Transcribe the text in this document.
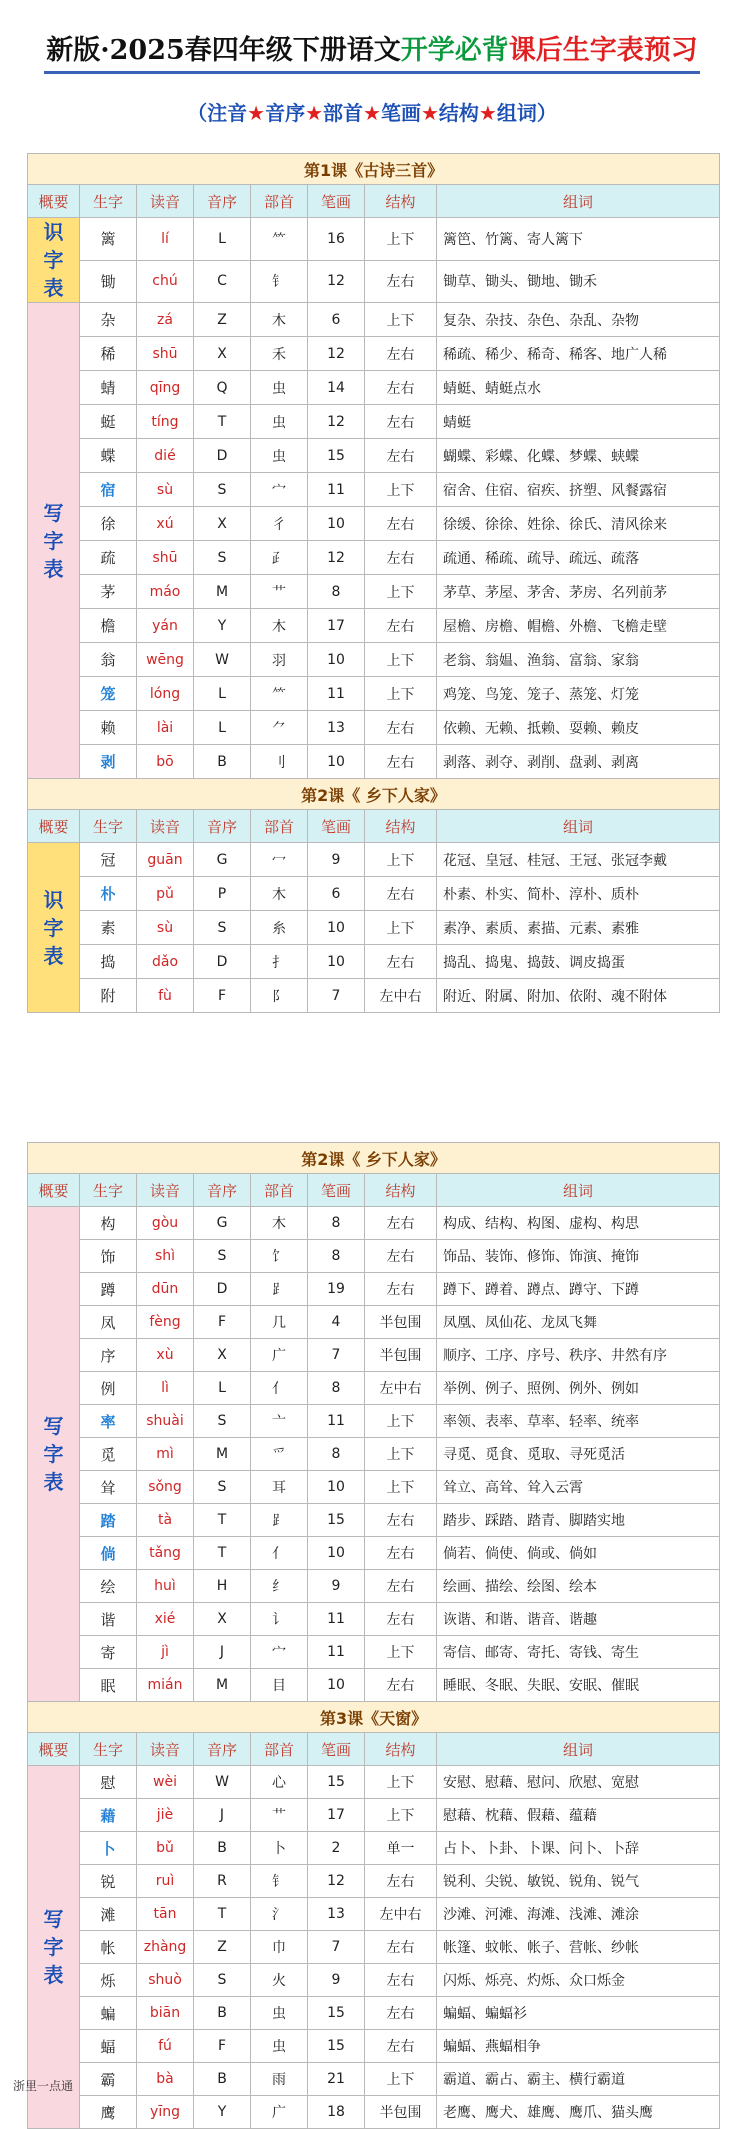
新版·2025春四年级下册语文开学必背课后生字表预习
（注音★音序★部首★笔画★结构★组词）
第1课《古诗三首》							
概要	生字	读音	音序	部首	笔画	结构	组词

识
字
表	篱	lí	L	⺮	16	上下	篱笆、竹篱、寄人篱下
	锄	chú	C	钅	12	左右	锄草、锄头、锄地、锄禾

写
字
表	杂	zá	Z	木	6	上下	复杂、杂技、杂色、杂乱、杂物
	稀	shū	X	禾	12	左右	稀疏、稀少、稀奇、稀客、地广人稀
	蜻	qīng	Q	虫	14	左右	蜻蜓、蜻蜓点水
	蜓	tíng	T	虫	12	左右	蜻蜓
	蝶	dié	D	虫	15	左右	蝴蝶、彩蝶、化蝶、梦蝶、蛱蝶
	宿	sù	S	宀	11	上下	宿舍、住宿、宿疾、挤塑、风餐露宿
	徐	xú	X	彳	10	左右	徐缓、徐徐、姓徐、徐氏、清风徐来
	疏	shū	S	⺪	12	左右	疏通、稀疏、疏导、疏远、疏落
	茅	máo	M	艹	8	上下	茅草、茅屋、茅舍、茅房、名列前茅
	檐	yán	Y	木	17	左右	屋檐、房檐、帽檐、外檐、飞檐走壁
	翁	wēng	W	羽	10	上下	老翁、翁媪、渔翁、富翁、家翁
	笼	lóng	L	⺮	11	上下	鸡笼、鸟笼、笼子、蒸笼、灯笼
	赖	lài	L	⺈	13	左右	依赖、无赖、抵赖、耍赖、赖皮
	剥	bō	B	刂	10	左右	剥落、剥夺、剥削、盘剥、剥离
第2课《 乡下人家》							
概要	生字	读音	音序	部首	笔画	结构	组词

识
字
表	冠	guān	G	冖	9	上下	花冠、皇冠、桂冠、王冠、张冠李戴
	朴	pǔ	P	木	6	左右	朴素、朴实、简朴、淳朴、质朴
	素	sù	S	糸	10	上下	素净、素质、素描、元素、素雅
	捣	dǎo	D	扌	10	左右	捣乱、捣鬼、捣鼓、调皮捣蛋
	附	fù	F	阝	7	左中右	附近、附属、附加、依附、魂不附体
第2课《 乡下人家》							
概要	生字	读音	音序	部首	笔画	结构	组词

写
字
表	构	gòu	G	木	8	左右	构成、结构、构图、虚构、构思
	饰	shì	S	饣	8	左右	饰品、装饰、修饰、饰演、掩饰
	蹲	dūn	D	⻊	19	左右	蹲下、蹲着、蹲点、蹲守、下蹲
	凤	fèng	F	几	4	半包围	凤凰、凤仙花、龙凤飞舞
	序	xù	X	广	7	半包围	顺序、工序、序号、秩序、井然有序
	例	lì	L	亻	8	左中右	举例、例子、照例、例外、例如
	率	shuài	S	亠	11	上下	率领、表率、草率、轻率、统率
	觅	mì	M	爫	8	上下	寻觅、觅食、觅取、寻死觅活
	耸	sǒng	S	耳	10	上下	耸立、高耸、耸入云霄
	踏	tà	T	⻊	15	左右	踏步、踩踏、踏青、脚踏实地
	倘	tǎng	T	亻	10	左右	倘若、倘使、倘或、倘如
	绘	huì	H	纟	9	左右	绘画、描绘、绘图、绘本
	谐	xié	X	讠	11	左右	诙谐、和谐、谐音、谐趣
	寄	jì	J	宀	11	上下	寄信、邮寄、寄托、寄钱、寄生
	眠	mián	M	目	10	左右	睡眠、冬眠、失眠、安眠、催眠
第3课《天窗》							
概要	生字	读音	音序	部首	笔画	结构	组词

写
字
表	慰	wèi	W	心	15	上下	安慰、慰藉、慰问、欣慰、宽慰
	藉	jiè	J	艹	17	上下	慰藉、枕藉、假藉、蕴藉
	卜	bǔ	B	卜	2	单一	占卜、卜卦、卜课、问卜、卜辞
	锐	ruì	R	钅	12	左右	锐利、尖锐、敏锐、锐角、锐气
	滩	tān	T	氵	13	左中右	沙滩、河滩、海滩、浅滩、滩涂
	帐	zhàng	Z	巾	7	左右	帐篷、蚊帐、帐子、营帐、纱帐
	烁	shuò	S	火	9	左右	闪烁、烁亮、灼烁、众口烁金
	蝙	biān	B	虫	15	左右	蝙蝠、蝙蝠衫
	蝠	fú	F	虫	15	左右	蝙蝠、燕蝠相争
	霸	bà	B	雨	21	上下	霸道、霸占、霸主、横行霸道
	鹰	yīng	Y	广	18	半包围	老鹰、鹰犬、雄鹰、鹰爪、猫头鹰
浙里一点通
